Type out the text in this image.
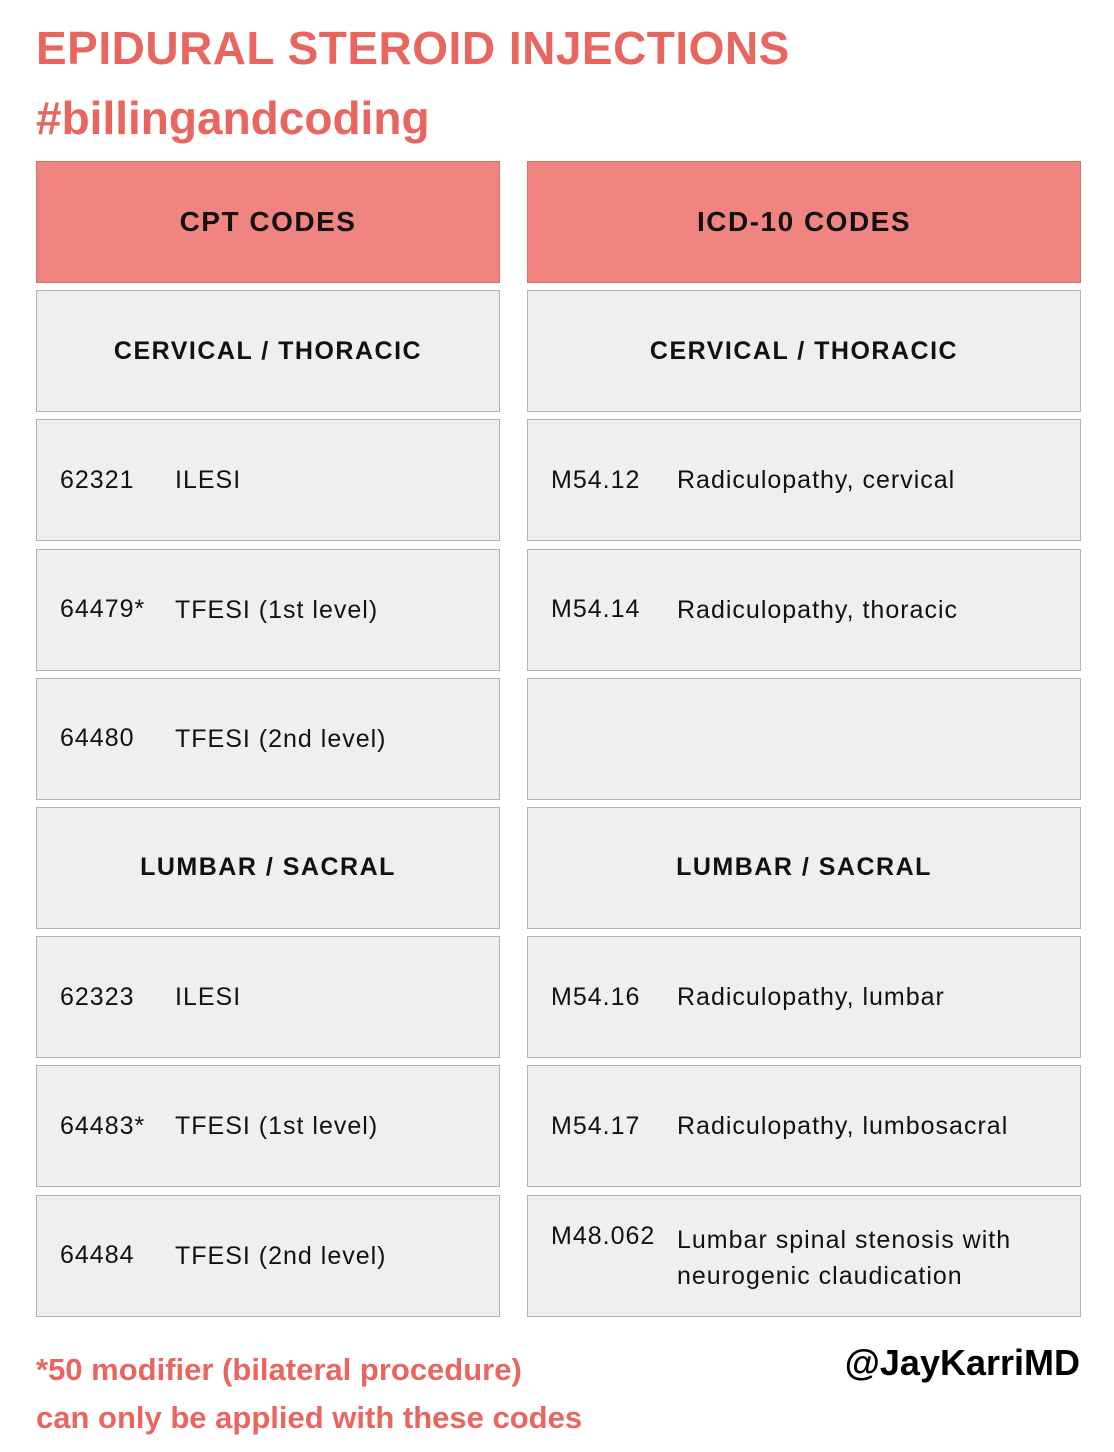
EPIDURAL STEROID INJECTIONS
#billingandcoding
CPT CODES
CERVICAL / THORACIC
62321	ILESI
64479*	TFESI (1st level)
64480	TFESI (2nd level)
LUMBAR / SACRAL
62323	ILESI
64483*	TFESI (1st level)
64484	TFESI (2nd level)
ICD-10 CODES
CERVICAL / THORACIC
M54.12	Radiculopathy, cervical
M54.14	Radiculopathy, thoracic
LUMBAR / SACRAL
M54.16	Radiculopathy, lumbar
M54.17	Radiculopathy, lumbosacral
M48.062 Lumbar spinal stenosis with neurogenic claudication
*50 modifier (bilateral procedure)
can only be applied with these codes
@JayKarriMD
